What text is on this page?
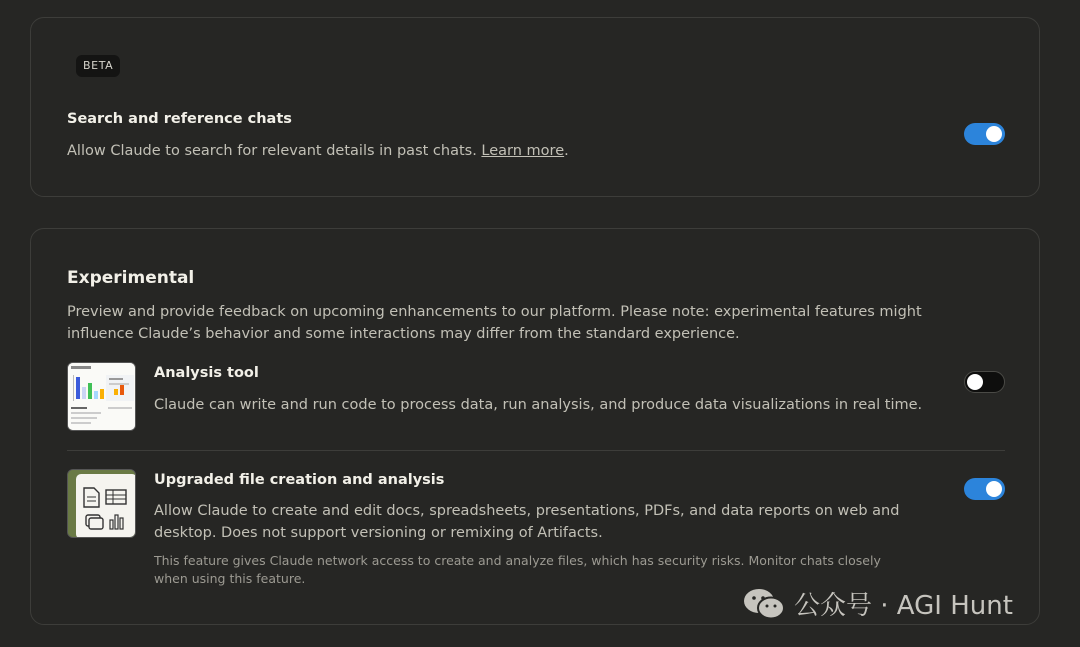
BETA
Search and reference chats
Allow Claude to search for relevant details in past chats. Learn more.
Experimental
Preview and provide feedback on upcoming enhancements to our platform. Please note: experimental features might
influence Claude’s behavior and some interactions may differ from the standard experience.
Analysis tool
Claude can write and run code to process data, run analysis, and produce data visualizations in real time.
Upgraded file creation and analysis
Allow Claude to create and edit docs, spreadsheets, presentations, PDFs, and data reports on web and
desktop. Does not support versioning or remixing of Artifacts.
This feature gives Claude network access to create and analyze files, which has security risks. Monitor chats closely
when using this feature.
公众号 · AGI Hunt
